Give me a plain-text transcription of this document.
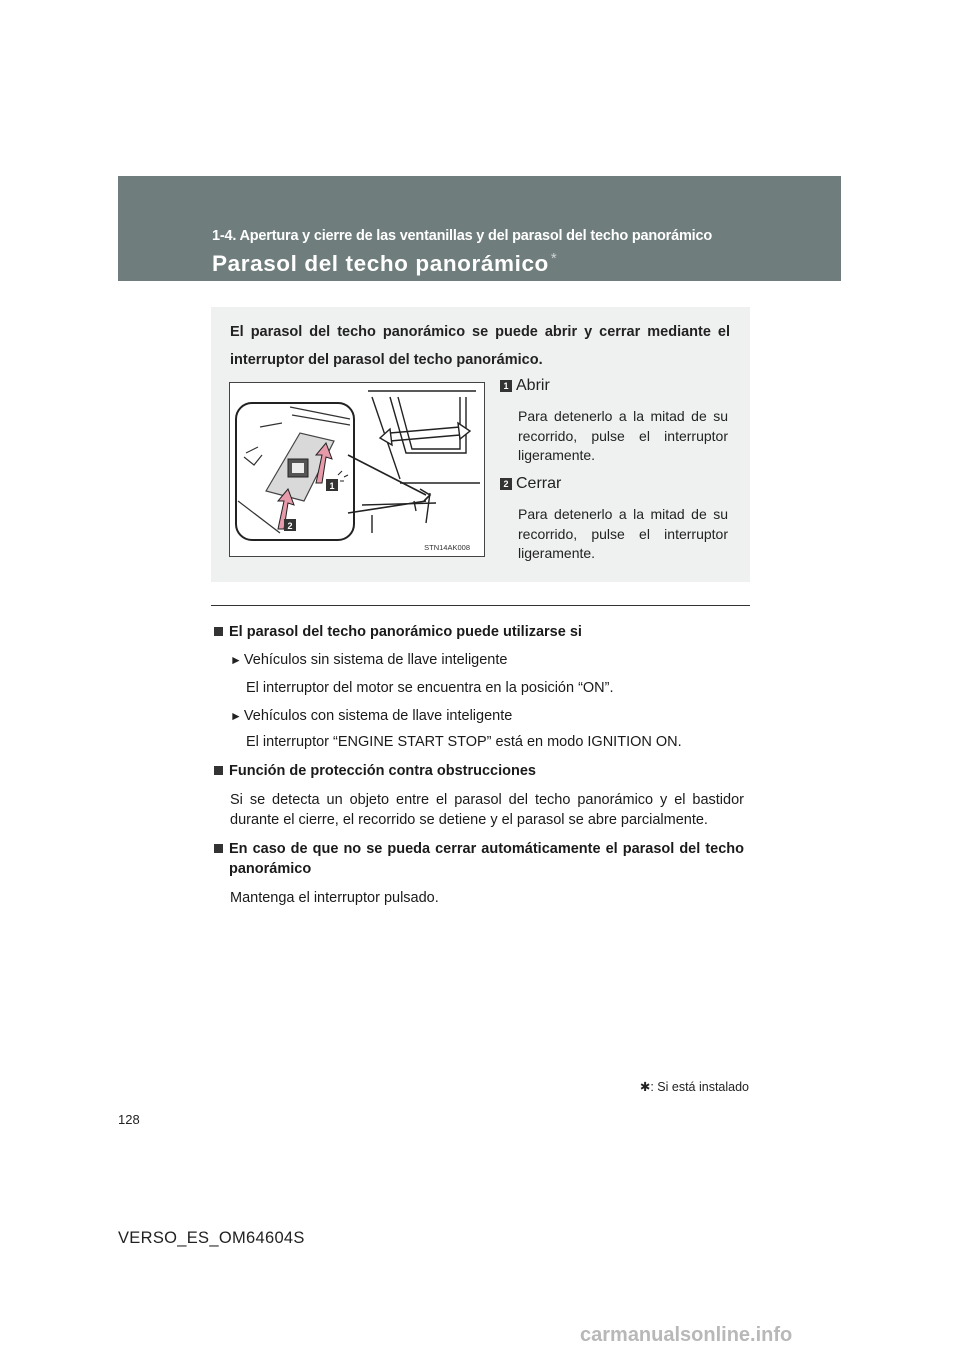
1-4. Apertura y cierre de las ventanillas y del parasol del techo panorámico
Parasol del techo panorámico *
El parasol del techo panorámico se puede abrir y cerrar mediante el interruptor del parasol del techo panorámico.
1
2
STN14AK008
1 Abrir
Para detenerlo a la mitad de su recorrido, pulse el interruptor ligeramente.
2 Cerrar
Para detenerlo a la mitad de su recorrido, pulse el interruptor ligeramente.
El parasol del techo panorámico puede utilizarse si
► Vehículos sin sistema de llave inteligente
El interruptor del motor se encuentra en la posición “ON”.
► Vehículos con sistema de llave inteligente
El interruptor “ENGINE START STOP” está en modo IGNITION ON.
Función de protección contra obstrucciones
Si se detecta un objeto entre el parasol del techo panorámico y el bastidor durante el cierre, el recorrido se detiene y el parasol se abre parcialmente.
En caso de que no se pueda cerrar automáticamente el parasol del techo panorámico
Mantenga el interruptor pulsado.
✱: Si está instalado
128
VERSO_ES_OM64604S
carmanualsonline.info
